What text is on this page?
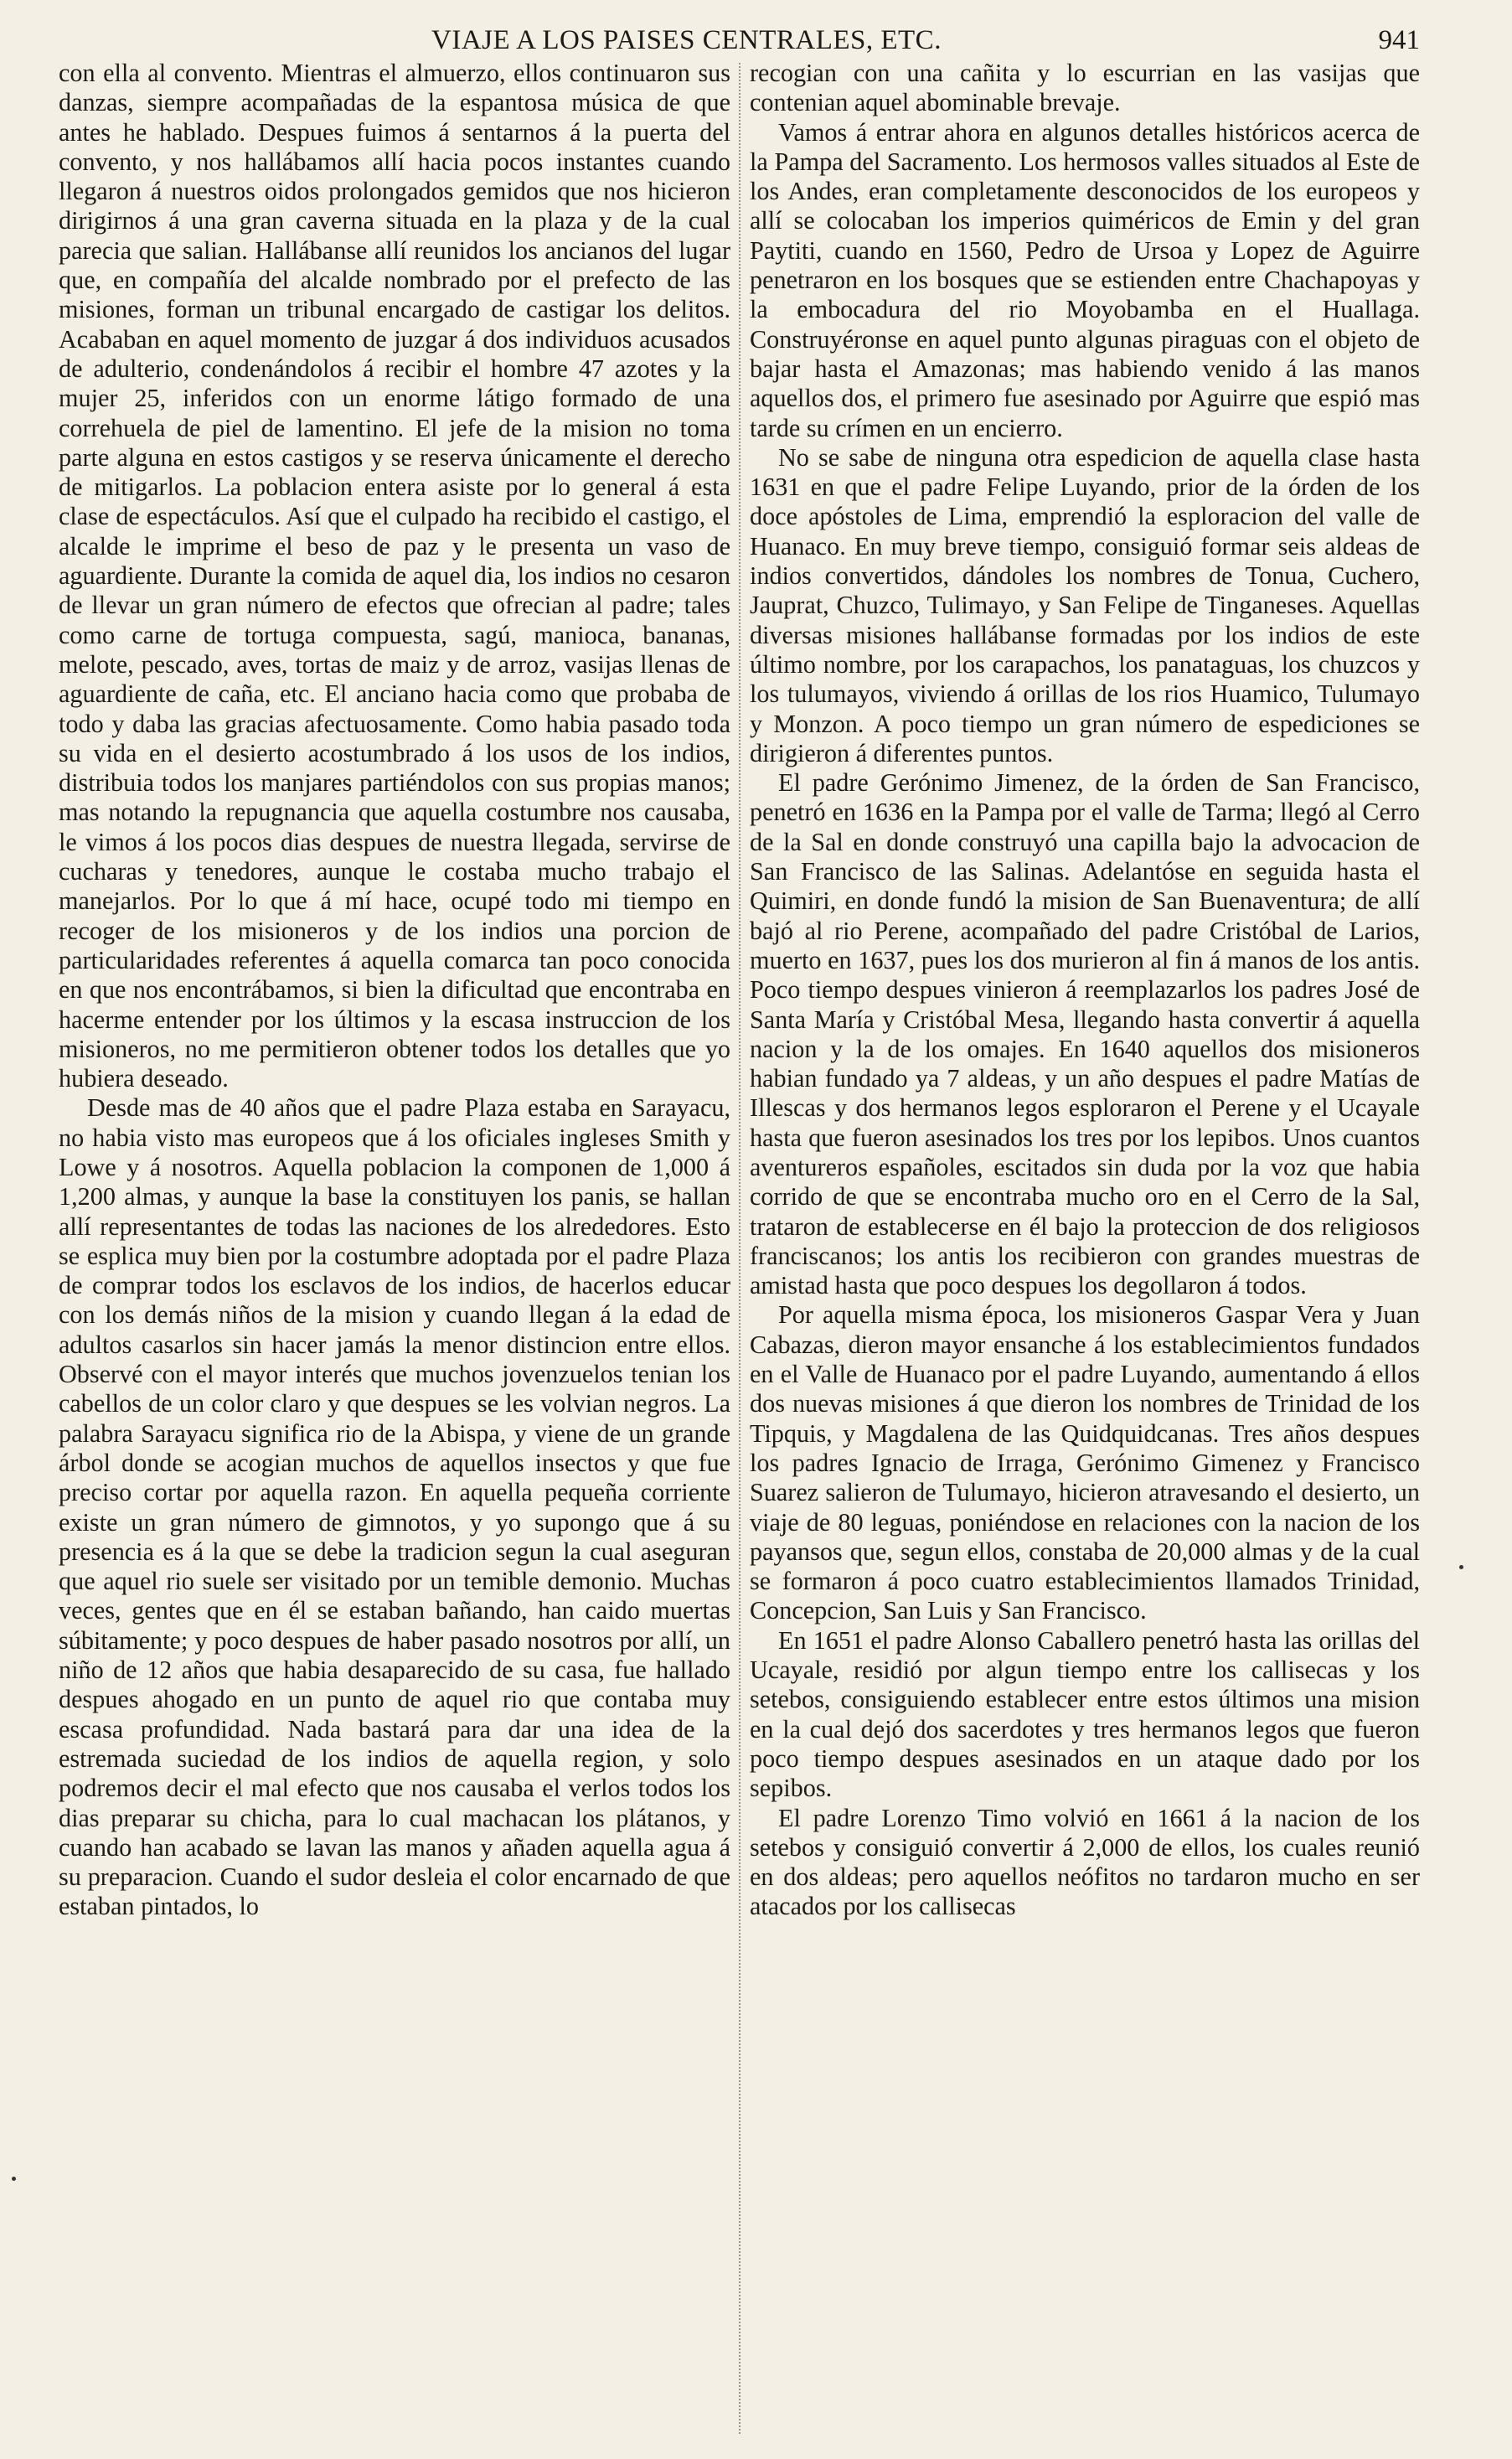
VIAJE A LOS PAISES CENTRALES, ETC.	941

con ella al convento. Mientras el almuerzo, ellos continuaron sus danzas, siempre acompañadas de la espantosa música de que antes he hablado. Despues fuimos á sentarnos á la puerta del convento, y nos hallábamos allí hacia pocos instantes cuando llegaron á nuestros oidos prolongados gemidos que nos hicieron dirigirnos á una gran caverna situada en la plaza y de la cual parecia que salian. Hallábanse allí reunidos los ancianos del lugar que, en compañía del alcalde nombrado por el prefecto de las misiones, forman un tribunal encargado de castigar los delitos. Acababan en aquel momento de juzgar á dos individuos acusados de adulterio, condenándolos á recibir el hombre 47 azotes y la mujer 25, inferidos con un enorme látigo formado de una correhuela de piel de lamentino. El jefe de la mision no toma parte alguna en estos castigos y se reserva únicamente el derecho de mitigarlos. La poblacion entera asiste por lo general á esta clase de espectáculos. Así que el culpado ha recibido el castigo, el alcalde le imprime el beso de paz y le presenta un vaso de aguardiente. Durante la comida de aquel dia, los indios no cesaron de llevar un gran número de efectos que ofrecian al padre; tales como carne de tortuga compuesta, sagú, manioca, bananas, melote, pescado, aves, tortas de maiz y de arroz, vasijas llenas de aguardiente de caña, etc. El anciano hacia como que probaba de todo y daba las gracias afectuosamente. Como habia pasado toda su vida en el desierto acostumbrado á los usos de los indios, distribuia todos los manjares partiéndolos con sus propias manos; mas notando la repugnancia que aquella costumbre nos causaba, le vimos á los pocos dias despues de nuestra llegada, servirse de cucharas y tenedores, aunque le costaba mucho trabajo el manejarlos. Por lo que á mí hace, ocupé todo mi tiempo en recoger de los misioneros y de los indios una porcion de particularidades referentes á aquella comarca tan poco conocida en que nos encontrábamos, si bien la dificultad que encontraba en hacerme entender por los últimos y la escasa instruccion de los misioneros, no me permitieron obtener todos los detalles que yo hubiera deseado.

Desde mas de 40 años que el padre Plaza estaba en Sarayacu, no habia visto mas europeos que á los oficiales ingleses Smith y Lowe y á nosotros. Aquella poblacion la componen de 1,000 á 1,200 almas, y aunque la base la constituyen los panis, se hallan allí representantes de todas las naciones de los alrededores. Esto se esplica muy bien por la costumbre adoptada por el padre Plaza de comprar todos los esclavos de los indios, de hacerlos educar con los demás niños de la mision y cuando llegan á la edad de adultos casarlos sin hacer jamás la menor distincion entre ellos. Observé con el mayor interés que muchos jovenzuelos tenian los cabellos de un color claro y que despues se les volvian negros. La palabra Sarayacu significa rio de la Abispa, y viene de un grande árbol donde se acogian muchos de aquellos insectos y que fue preciso cortar por aquella razon. En aquella pequeña corriente existe un gran número de gimnotos, y yo supongo que á su presencia es á la que se debe la tradicion segun la cual aseguran que aquel rio suele ser visitado por un temible demonio. Muchas veces, gentes que en él se estaban bañando, han caido muertas súbitamente; y poco despues de haber pasado nosotros por allí, un niño de 12 años que habia desaparecido de su casa, fue hallado despues ahogado en un punto de aquel rio que contaba muy escasa profundidad. Nada bastará para dar una idea de la estremada suciedad de los indios de aquella region, y solo podremos decir el mal efecto que nos causaba el verlos todos los dias preparar su chicha, para lo cual machacan los plátanos, y cuando han acabado se lavan las manos y añaden aquella agua á su preparacion. Cuando el sudor desleia el color encarnado de que estaban pintados, lo

recogian con una cañita y lo escurrian en las vasijas que contenian aquel abominable brevaje.

Vamos á entrar ahora en algunos detalles históricos acerca de la Pampa del Sacramento. Los hermosos valles situados al Este de los Andes, eran completamente desconocidos de los europeos y allí se colocaban los imperios quiméricos de Emin y del gran Paytiti, cuando en 1560, Pedro de Ursoa y Lopez de Aguirre penetraron en los bosques que se estienden entre Chachapoyas y la embocadura del rio Moyobamba en el Huallaga. Construyéronse en aquel punto algunas piraguas con el objeto de bajar hasta el Amazonas; mas habiendo venido á las manos aquellos dos, el primero fue asesinado por Aguirre que espió mas tarde su crímen en un encierro.

No se sabe de ninguna otra espedicion de aquella clase hasta 1631 en que el padre Felipe Luyando, prior de la órden de los doce apóstoles de Lima, emprendió la esploracion del valle de Huanaco. En muy breve tiempo, consiguió formar seis aldeas de indios convertidos, dándoles los nombres de Tonua, Cuchero, Jauprat, Chuzco, Tulimayo, y San Felipe de Tinganeses. Aquellas diversas misiones hallábanse formadas por los indios de este último nombre, por los carapachos, los panataguas, los chuzcos y los tulumayos, viviendo á orillas de los rios Huamico, Tulumayo y Monzon. A poco tiempo un gran número de espediciones se dirigieron á diferentes puntos.

El padre Gerónimo Jimenez, de la órden de San Francisco, penetró en 1636 en la Pampa por el valle de Tarma; llegó al Cerro de la Sal en donde construyó una capilla bajo la advocacion de San Francisco de las Salinas. Adelantóse en seguida hasta el Quimiri, en donde fundó la mision de San Buenaventura; de allí bajó al rio Perene, acompañado del padre Cristóbal de Larios, muerto en 1637, pues los dos murieron al fin á manos de los antis. Poco tiempo despues vinieron á reemplazarlos los padres José de Santa María y Cristóbal Mesa, llegando hasta convertir á aquella nacion y la de los omajes. En 1640 aquellos dos misioneros habian fundado ya 7 aldeas, y un año despues el padre Matías de Illescas y dos hermanos legos esploraron el Perene y el Ucayale hasta que fueron asesinados los tres por los lepibos. Unos cuantos aventureros españoles, escitados sin duda por la voz que habia corrido de que se encontraba mucho oro en el Cerro de la Sal, trataron de establecerse en él bajo la proteccion de dos religiosos franciscanos; los antis los recibieron con grandes muestras de amistad hasta que poco despues los degollaron á todos.

Por aquella misma época, los misioneros Gaspar Vera y Juan Cabazas, dieron mayor ensanche á los establecimientos fundados en el Valle de Huanaco por el padre Luyando, aumentando á ellos dos nuevas misiones á que dieron los nombres de Trinidad de los Tipquis, y Magdalena de las Quidquidcanas. Tres años despues los padres Ignacio de Irraga, Gerónimo Gimenez y Francisco Suarez salieron de Tulumayo, hicieron atravesando el desierto, un viaje de 80 leguas, poniéndose en relaciones con la nacion de los payansos que, segun ellos, constaba de 20,000 almas y de la cual se formaron á poco cuatro establecimientos llamados Trinidad, Concepcion, San Luis y San Francisco.

En 1651 el padre Alonso Caballero penetró hasta las orillas del Ucayale, residió por algun tiempo entre los callisecas y los setebos, consiguiendo establecer entre estos últimos una mision en la cual dejó dos sacerdotes y tres hermanos legos que fueron poco tiempo despues asesinados en un ataque dado por los sepibos.

El padre Lorenzo Timo volvió en 1661 á la nacion de los setebos y consiguió convertir á 2,000 de ellos, los cuales reunió en dos aldeas; pero aquellos neófitos no tardaron mucho en ser atacados por los callisecas
